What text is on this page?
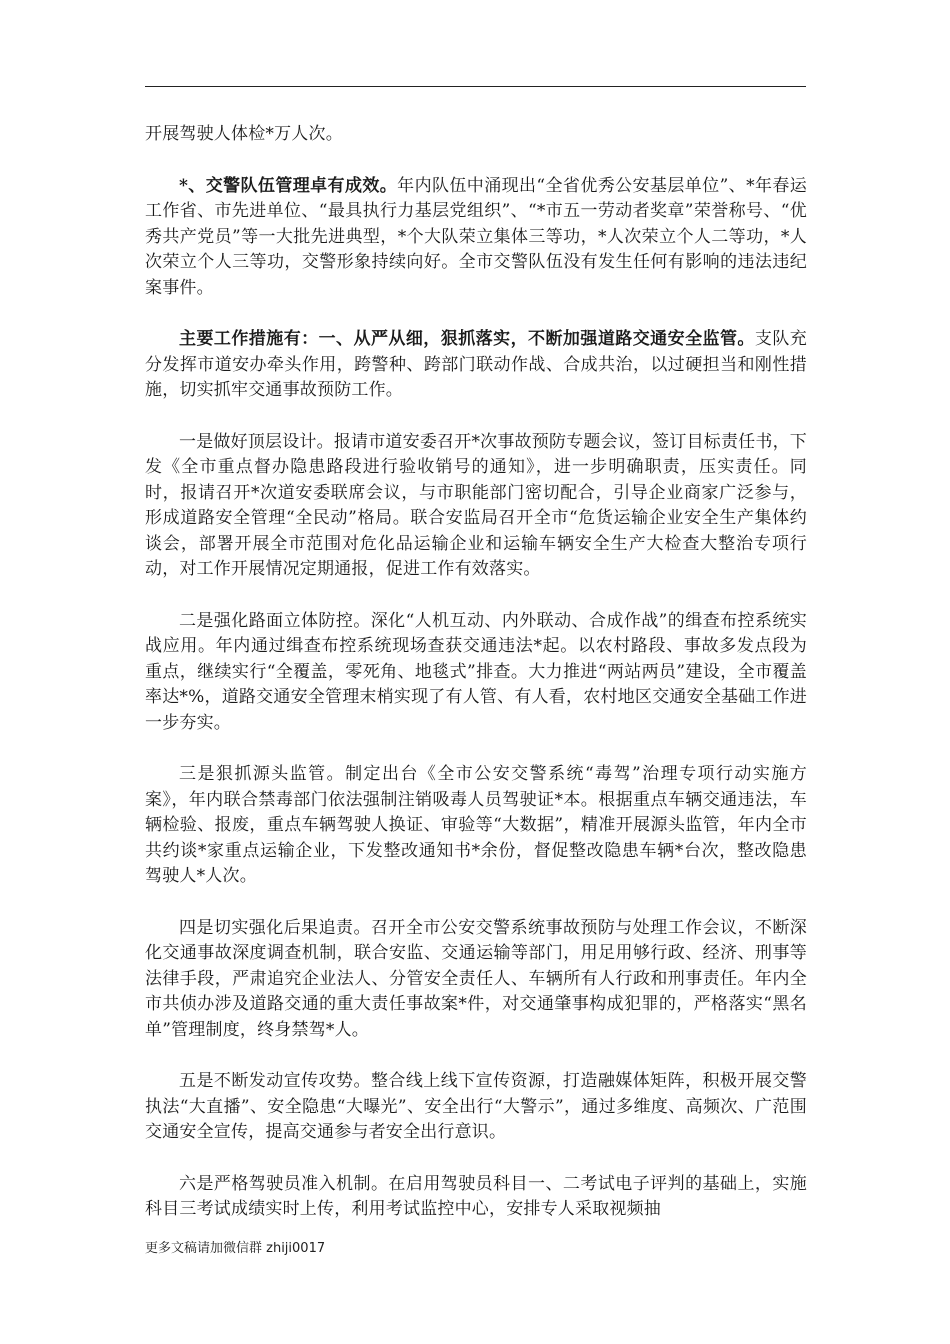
开展驾驶人体检*万人次。

*、交警队伍管理卓有成效。年内队伍中涌现出“全省优秀公安基层单位”、*年春运工作省、市先进单位、“最具执行力基层党组织”、“*市五一劳动者奖章”荣誉称号、“优秀共产党员”等一大批先进典型，*个大队荣立集体三等功，*人次荣立个人二等功，*人次荣立个人三等功，交警形象持续向好。全市交警队伍没有发生任何有影响的违法违纪案事件。

主要工作措施有：一、从严从细，狠抓落实，不断加强道路交通安全监管。支队充分发挥市道安办牵头作用，跨警种、跨部门联动作战、合成共治，以过硬担当和刚性措施，切实抓牢交通事故预防工作。

一是做好顶层设计。报请市道安委召开*次事故预防专题会议，签订目标责任书，下发《全市重点督办隐患路段进行验收销号的通知》，进一步明确职责，压实责任。同时，报请召开*次道安委联席会议，与市职能部门密切配合，引导企业商家广泛参与，形成道路安全管理“全民动”格局。联合安监局召开全市“危货运输企业安全生产集体约谈会，部署开展全市范围对危化品运输企业和运输车辆安全生产大检查大整治专项行动，对工作开展情况定期通报，促进工作有效落实。

二是强化路面立体防控。深化“人机互动、内外联动、合成作战”的缉查布控系统实战应用。年内通过缉查布控系统现场查获交通违法*起。以农村路段、事故多发点段为重点，继续实行“全覆盖，零死角、地毯式”排查。大力推进“两站两员”建设，全市覆盖率达*%，道路交通安全管理末梢实现了有人管、有人看，农村地区交通安全基础工作进一步夯实。

三是狠抓源头监管。制定出台《全市公安交警系统“毒驾”治理专项行动实施方案》，年内联合禁毒部门依法强制注销吸毒人员驾驶证*本。根据重点车辆交通违法，车辆检验、报废，重点车辆驾驶人换证、审验等“大数据”，精准开展源头监管，年内全市共约谈*家重点运输企业，下发整改通知书*余份，督促整改隐患车辆*台次，整改隐患驾驶人*人次。

四是切实强化后果追责。召开全市公安交警系统事故预防与处理工作会议，不断深化交通事故深度调查机制，联合安监、交通运输等部门，用足用够行政、经济、刑事等法律手段，严肃追究企业法人、分管安全责任人、车辆所有人行政和刑事责任。年内全市共侦办涉及道路交通的重大责任事故案*件，对交通肇事构成犯罪的，严格落实“黑名单”管理制度，终身禁驾*人。

五是不断发动宣传攻势。整合线上线下宣传资源，打造融媒体矩阵，积极开展交警执法“大直播”、安全隐患“大曝光”、安全出行“大警示”，通过多维度、高频次、广范围交通安全宣传，提高交通参与者安全出行意识。

六是严格驾驶员准入机制。在启用驾驶员科目一、二考试电子评判的基础上，实施科目三考试成绩实时上传，利用考试监控中心，安排专人采取视频抽

更多文稿请加微信群 zhiji0017
